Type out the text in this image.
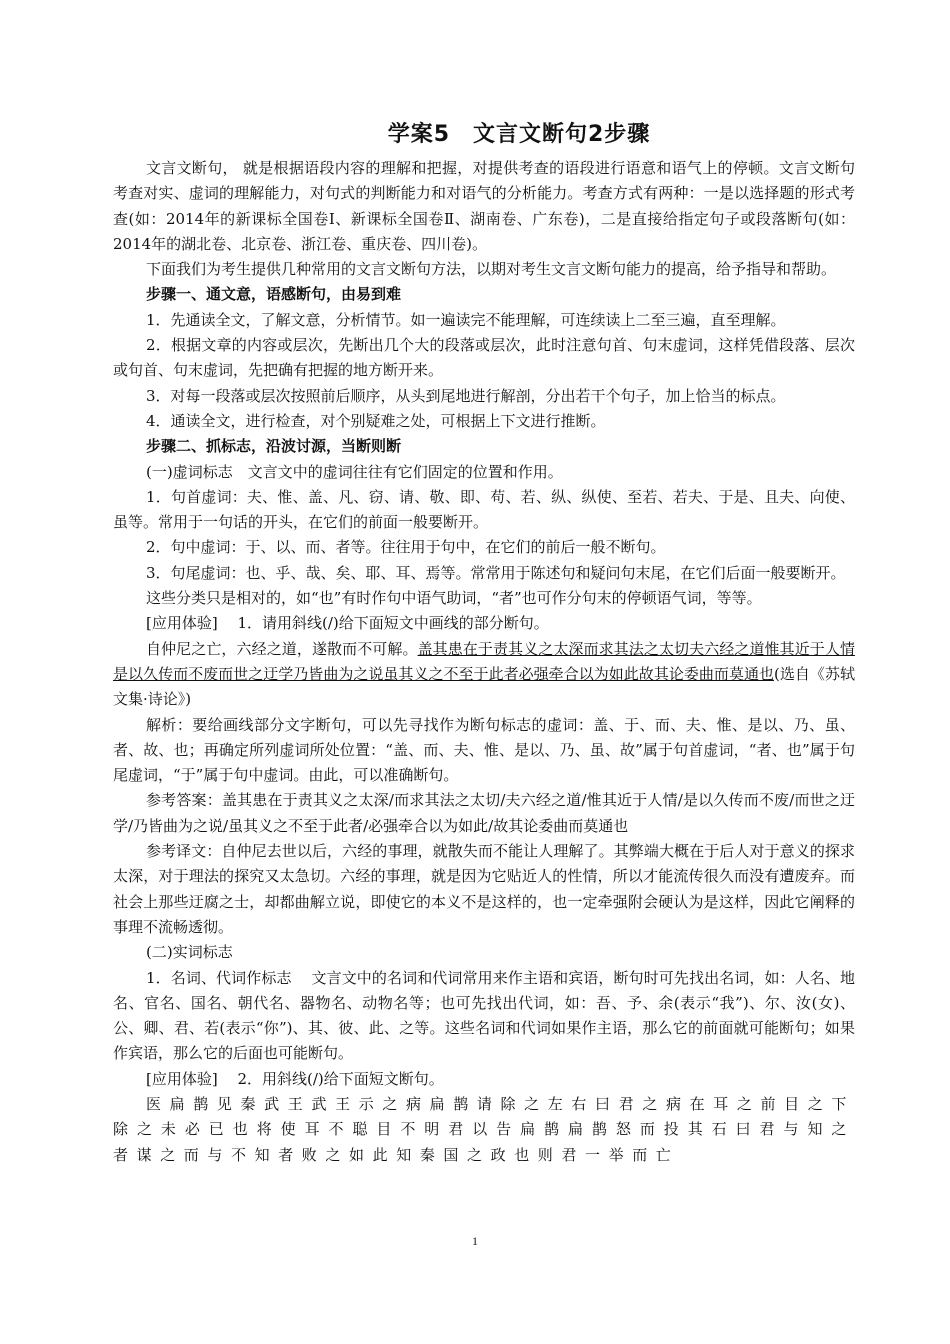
学案5　文言文断句2步骤

文言文断句， 就是根据语段内容的理解和把握，对提供考查的语段进行语意和语气上的停顿。文言文断句考查对实、虚词的理解能力，对句式的判断能力和对语气的分析能力。考查方式有两种：一是以选择题的形式考查(如：2014年的新课标全国卷Ⅰ、新课标全国卷Ⅱ、湖南卷、广东卷)，二是直接给指定句子或段落断句(如：2014年的湖北卷、北京卷、浙江卷、重庆卷、四川卷)。

下面我们为考生提供几种常用的文言文断句方法，以期对考生文言文断句能力的提高，给予指导和帮助。

步骤一、通文意，语感断句，由易到难

1．先通读全文，了解文意，分析情节。如一遍读完不能理解，可连续读上二至三遍，直至理解。

2．根据文章的内容或层次，先断出几个大的段落或层次，此时注意句首、句末虚词，这样凭借段落、层次或句首、句末虚词，先把确有把握的地方断开来。

3．对每一段落或层次按照前后顺序，从头到尾地进行解剖，分出若干个句子，加上恰当的标点。

4．通读全文，进行检查，对个别疑难之处，可根据上下文进行推断。

步骤二、抓标志，沿波讨源，当断则断

(一)虚词标志　文言文中的虚词往往有它们固定的位置和作用。

1．句首虚词：夫、惟、盖、凡、窃、请、敬、即、苟、若、纵、纵使、至若、若夫、于是、且夫、向使、虽等。常用于一句话的开头，在它们的前面一般要断开。

2．句中虚词：于、以、而、者等。往往用于句中，在它们的前后一般不断句。

3．句尾虚词：也、乎、哉、矣、耶、耳、焉等。常常用于陈述句和疑问句末尾，在它们后面一般要断开。

这些分类只是相对的，如“也”有时作句中语气助词，“者”也可作分句末的停顿语气词，等等。

[应用体验]　 1．请用斜线(/)给下面短文中画线的部分断句。

自仲尼之亡，六经之道，遂散而不可解。盖其患在于责其义之太深而求其法之太切夫六经之道惟其近于人情是以久传而不废而世之迂学乃皆曲为之说虽其义之不至于此者必强牵合以为如此故其论委曲而莫通也(选自《苏轼文集·诗论》)

解析：要给画线部分文字断句，可以先寻找作为断句标志的虚词：盖、于、而、夫、惟、是以、乃、虽、者、故、也；再确定所列虚词所处位置：“盖、而、夫、惟、是以、乃、虽、故”属于句首虚词，“者、也”属于句尾虚词，“于”属于句中虚词。由此，可以准确断句。

参考答案：盖其患在于责其义之太深/而求其法之太切/夫六经之道/惟其近于人情/是以久传而不废/而世之迂学/乃皆曲为之说/虽其义之不至于此者/必强牵合以为如此/故其论委曲而莫通也

参考译文：自仲尼去世以后，六经的事理，就散失而不能让人理解了。其弊端大概在于后人对于意义的探求太深，对于理法的探究又太急切。六经的事理，就是因为它贴近人的性情，所以才能流传很久而没有遭废弃。而社会上那些迂腐之士，却都曲解立说，即使它的本义不是这样的，也一定牵强附会硬认为是这样，因此它阐释的事理不流畅透彻。

(二)实词标志

1．名词、代词作标志　 文言文中的名词和代词常用来作主语和宾语，断句时可先找出名词，如：人名、地名、官名、国名、朝代名、器物名、动物名等；也可先找出代词，如：吾、予、余(表示“我”)、尔、汝(女)、公、卿、君、若(表示“你”)、其、彼、此、之等。这些名词和代词如果作主语，那么它的前面就可能断句；如果作宾语，那么它的后面也可能断句。

[应用体验]　 2．用斜线(/)给下面短文断句。

医扁鹊见秦武王武王示之病扁鹊请除之左右曰君之病在耳之前目之下除之未必已也将使耳不聪目不明君以告扁鹊扁鹊怒而投其石曰君与知之者谋之而与不知者败之如此知秦国之政也则君一举而亡

1
